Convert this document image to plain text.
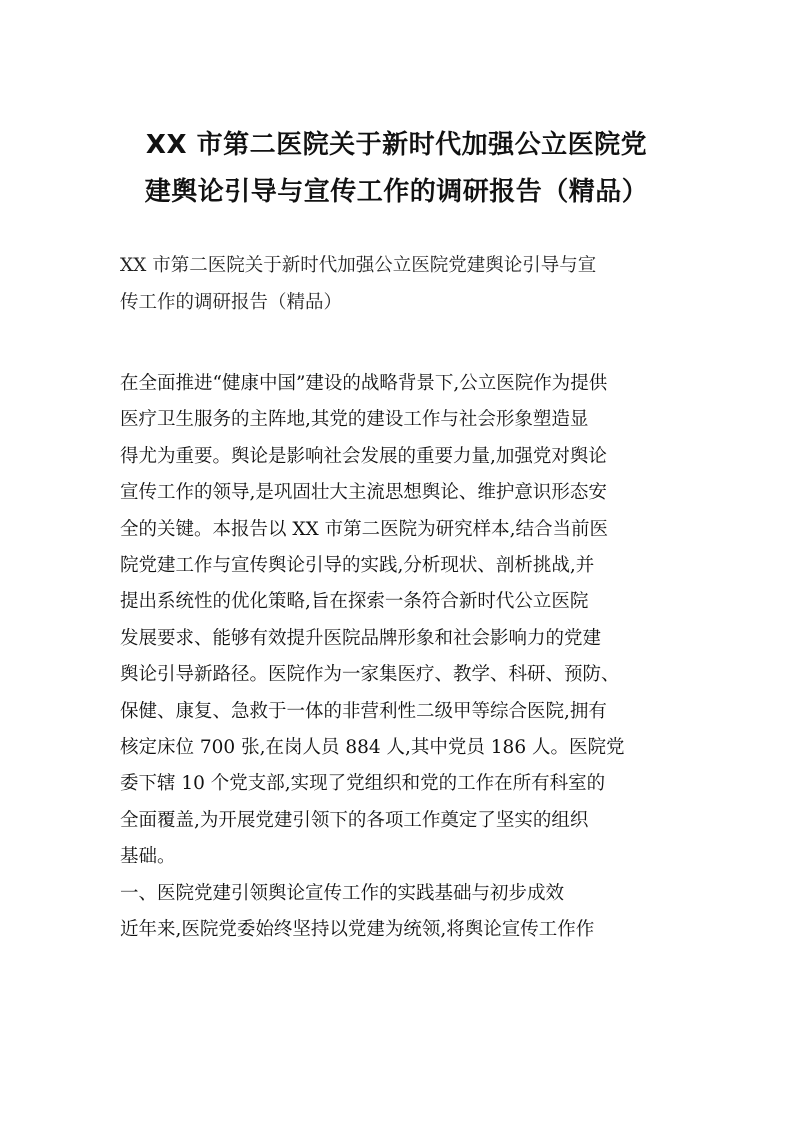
XX 市第二医院关于新时代加强公立医院党
建舆论引导与宣传工作的调研报告（精品）
XX 市第二医院关于新时代加强公立医院党建舆论引导与宣
传工作的调研报告（精品）
在全面推进“健康中国”建设的战略背景下,公立医院作为提供
医疗卫生服务的主阵地,其党的建设工作与社会形象塑造显
得尤为重要。舆论是影响社会发展的重要力量,加强党对舆论
宣传工作的领导,是巩固壮大主流思想舆论、维护意识形态安
全的关键。本报告以 XX 市第二医院为研究样本,结合当前医
院党建工作与宣传舆论引导的实践,分析现状、剖析挑战,并
提出系统性的优化策略,旨在探索一条符合新时代公立医院
发展要求、能够有效提升医院品牌形象和社会影响力的党建
舆论引导新路径。医院作为一家集医疗、教学、科研、预防、
保健、康复、急救于一体的非营利性二级甲等综合医院,拥有
核定床位 700 张,在岗人员 884 人,其中党员 186 人。医院党
委下辖 10 个党支部,实现了党组织和党的工作在所有科室的
全面覆盖,为开展党建引领下的各项工作奠定了坚实的组织
基础。
一、医院党建引领舆论宣传工作的实践基础与初步成效
近年来,医院党委始终坚持以党建为统领,将舆论宣传工作作
